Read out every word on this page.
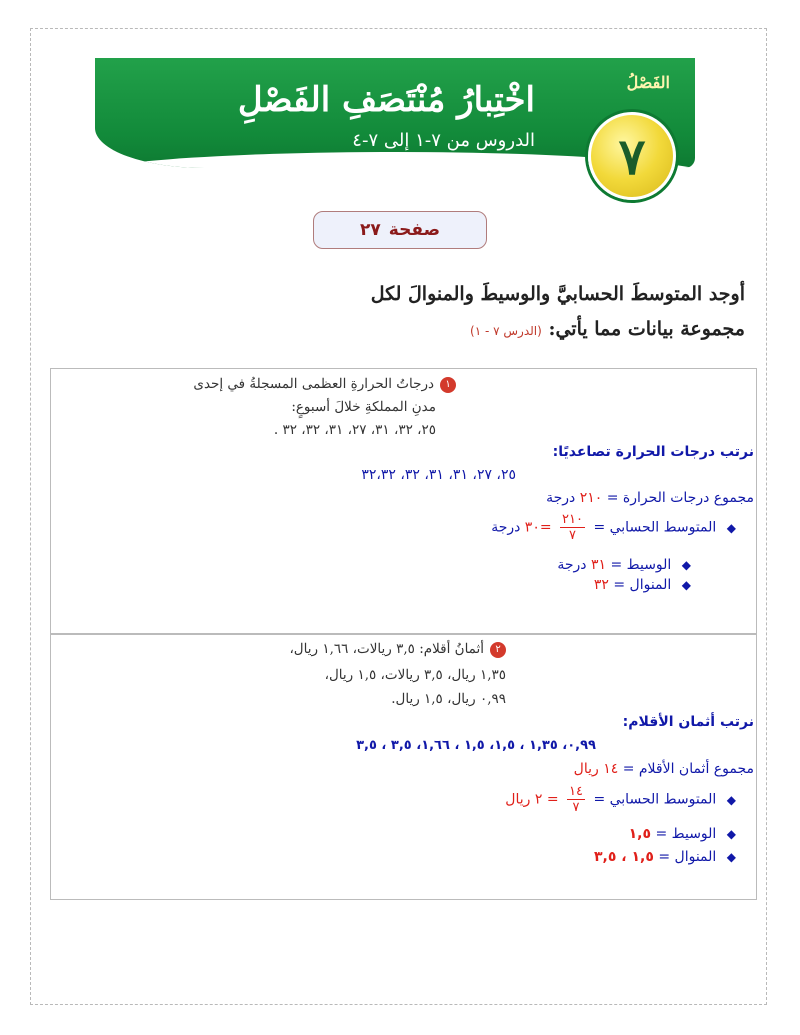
اخْتِبارُ مُنْتَصَفِ الفَصْلِ
الدروس من ٧-١ إلى ٧-٤
الفَصْلُ
٧
صفحة
٢٧
أوجد المتوسطَ الحسابيَّ والوسيطَ والمنوالَ لكل
مجموعة بيانات مما يأتي: (الدرس ٧ - ١)
١درجاتُ الحرارةِ العظمى المسجلةُ في إحدى
مدنِ المملكةِ خلالَ أسبوعٍ:
٢٥، ٣٢، ٣١، ٢٧، ٣١، ٣٢، ٣٢ .
نرتب درجات الحرارة تصاعديًا:
٢٥، ٢٧، ٣١، ٣١، ٣٢، ٣٢،٣٢
مجموع درجات الحرارة = ٢١٠ درجة
◆ المتوسط الحسابي =
$\frac{٢١٠}{٧}$
=٣٠ درجة
◆ الوسيط = ٣١ درجة
◆ المنوال = ٣٢
٢أثمانُ أقلام: ٣,٥ ريالات، ١,٦٦ ريال،
١,٣٥ ريال، ٣,٥ ريالات، ١,٥ ريال،
٠,٩٩ ريال، ١,٥ ريال.
نرتب أثمان الأقلام:
٠,٩٩، ١,٣٥ ، ١,٥، ١,٥ ، ١,٦٦، ٣,٥ ، ٣,٥
مجموع أثمان الأقلام = ١٤ ريال
◆ المتوسط الحسابي =
$\frac{١٤}{٧}$
= ٢ ريال
◆ الوسيط = ١,٥
◆ المنوال = ١,٥ ، ٣,٥
